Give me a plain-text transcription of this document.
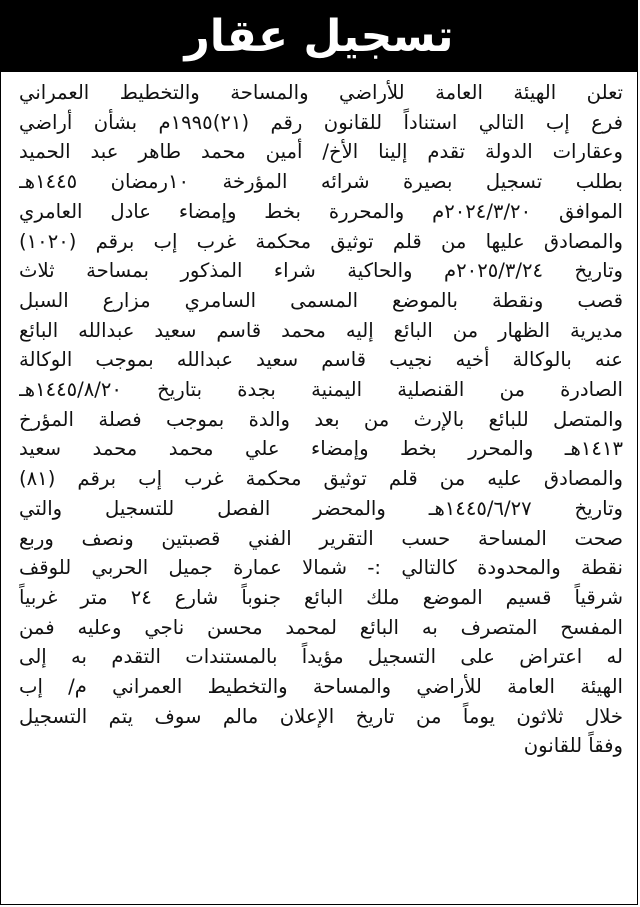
تسجيل عقار
تعلن الهيئة العامة للأراضي والمساحة والتخطيط العمراني
فرع إب التالي استناداً للقانون رقم (٢١)١٩٩٥م بشأن أراضي
وعقارات الدولة تقدم إلينا الأخ/ أمين محمد طاهر عبد الحميد
بطلب تسجيل بصيرة شرائه المؤرخة ١٠رمضان ١٤٤٥هـ
الموافق ٢٠٢٤/٣/٢٠م والمحررة بخط وإمضاء عادل العامري
والمصادق عليها من قلم توثيق محكمة غرب إب برقم (١٠٢٠)
وتاريخ ٢٠٢٥/٣/٢٤م والحاكية شراء المذكور بمساحة ثلاث
قصب ونقطة بالموضع المسمى السامري مزارع السبل
مديرية الظهار من البائع إليه محمد قاسم سعيد عبدالله البائع
عنه بالوكالة أخيه نجيب قاسم سعيد عبدالله بموجب الوكالة
الصادرة من القنصلية اليمنية بجدة بتاريخ ١٤٤٥/٨/٢٠هـ
والمتصل للبائع بالإرث من بعد والدة بموجب فصلة المؤرخ
١٤١٣هـ والمحرر بخط وإمضاء علي محمد محمد سعيد
والمصادق عليه من قلم توثيق محكمة غرب إب برقم (٨١)
وتاريخ ١٤٤٥/٦/٢٧هـ والمحضر الفصل للتسجيل والتي
صحت المساحة حسب التقرير الفني قصبتين ونصف وربع
نقطة والمحدودة كالتالي :- شمالا عمارة جميل الحربي للوقف
شرقياً قسيم الموضع ملك البائع جنوباً شارع ٢٤ متر غربياً
المفسح المتصرف به البائع لمحمد محسن ناجي وعليه فمن
له اعتراض على التسجيل مؤيداً بالمستندات التقدم به إلى
الهيئة العامة للأراضي والمساحة والتخطيط العمراني م/ إب
خلال ثلاثون يوماً من تاريخ الإعلان مالم سوف يتم التسجيل
وفقاً للقانون
